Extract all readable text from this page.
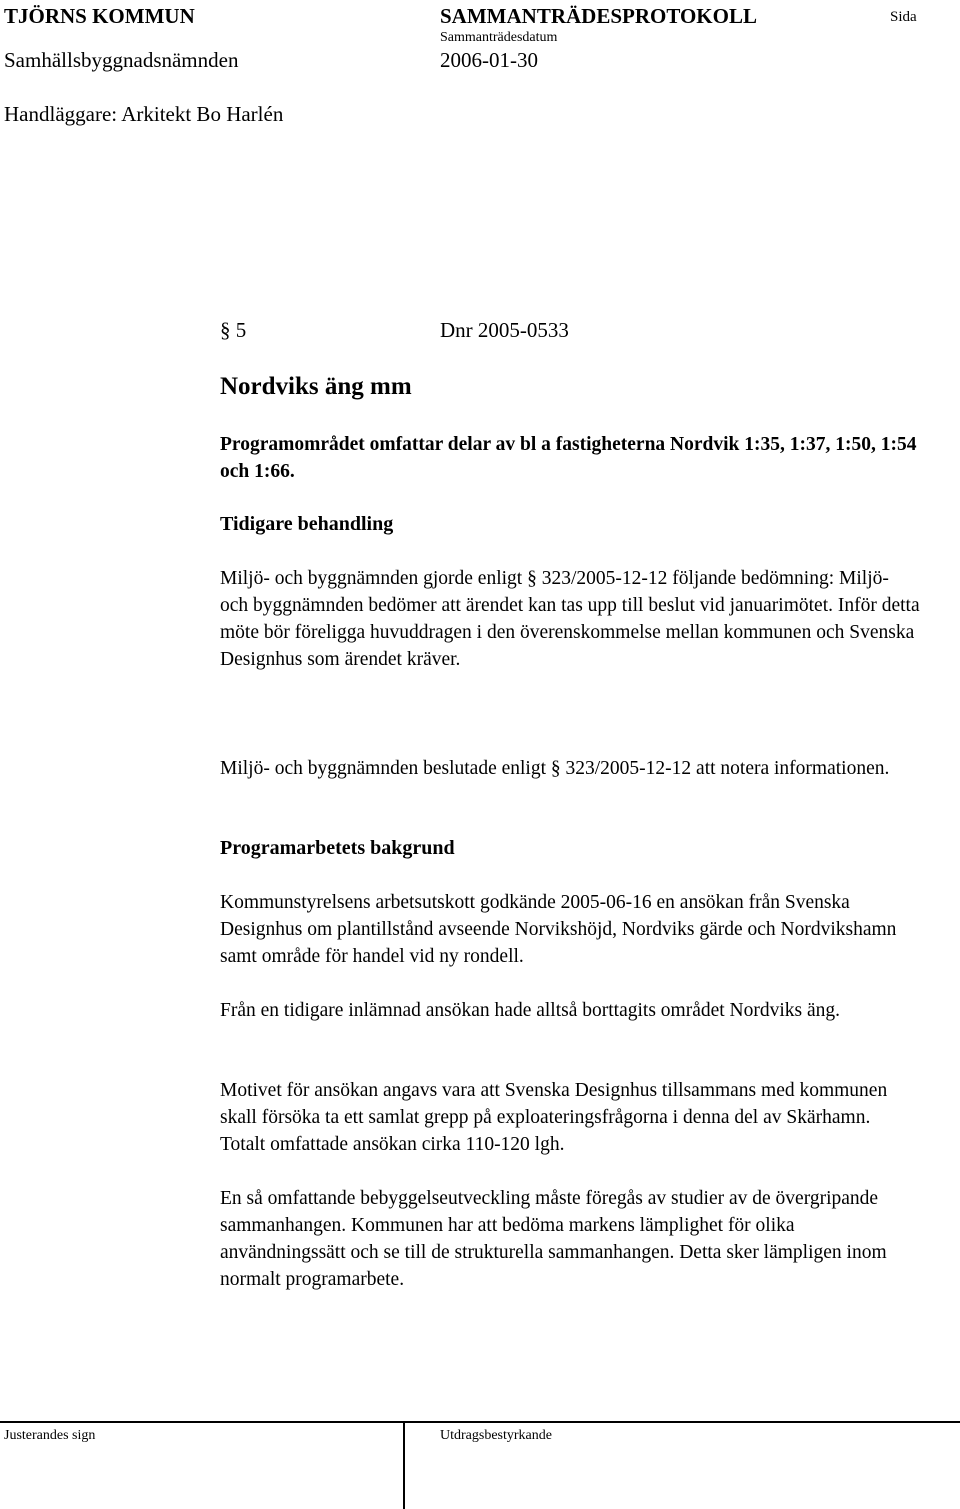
TJÖRNS KOMMUN	SAMMANTRÄDESPROTOKOLL	Sida
Samhällsbyggnadsnämnden
Sammanträdesdatum
2006-01-30
Handläggare: Arkitekt Bo Harlén
§ 5	Dnr 2005-0533
Nordviks äng mm
Programområdet omfattar delar av bl a fastigheterna Nordvik 1:35, 1:37, 1:50, 1:54 och 1:66.
Tidigare behandling
Miljö- och byggnämnden gjorde enligt § 323/2005-12-12 följande bedömning: Miljö- och byggnämnden bedömer att ärendet kan tas upp till beslut vid januarimötet. Inför detta möte bör föreligga huvuddragen i den överenskommelse mellan kommunen och Svenska Designhus som ärendet kräver.
Miljö- och byggnämnden beslutade enligt § 323/2005-12-12 att notera informationen.
Programarbetets bakgrund
Kommunstyrelsens arbetsutskott godkände 2005-06-16 en ansökan från Svenska Designhus om plantillstånd avseende Norvikshöjd, Nordviks gärde och Nordvikshamn samt område för handel vid ny rondell.
Från en tidigare inlämnad ansökan hade alltså borttagits området Nordviks äng.
Motivet för ansökan angavs vara att Svenska Designhus tillsammans med kommunen skall försöka ta ett samlat grepp på exploateringsfrågorna i denna del av Skärhamn. Totalt omfattade ansökan cirka 110-120 lgh.
En så omfattande bebyggelseutveckling måste föregås av studier av de övergripande sammanhangen. Kommunen har att bedöma markens lämplighet för olika användningssätt och se till de strukturella sammanhangen. Detta sker lämpligen inom normalt programarbete.
Justerandes sign	Utdragsbestyrkande
